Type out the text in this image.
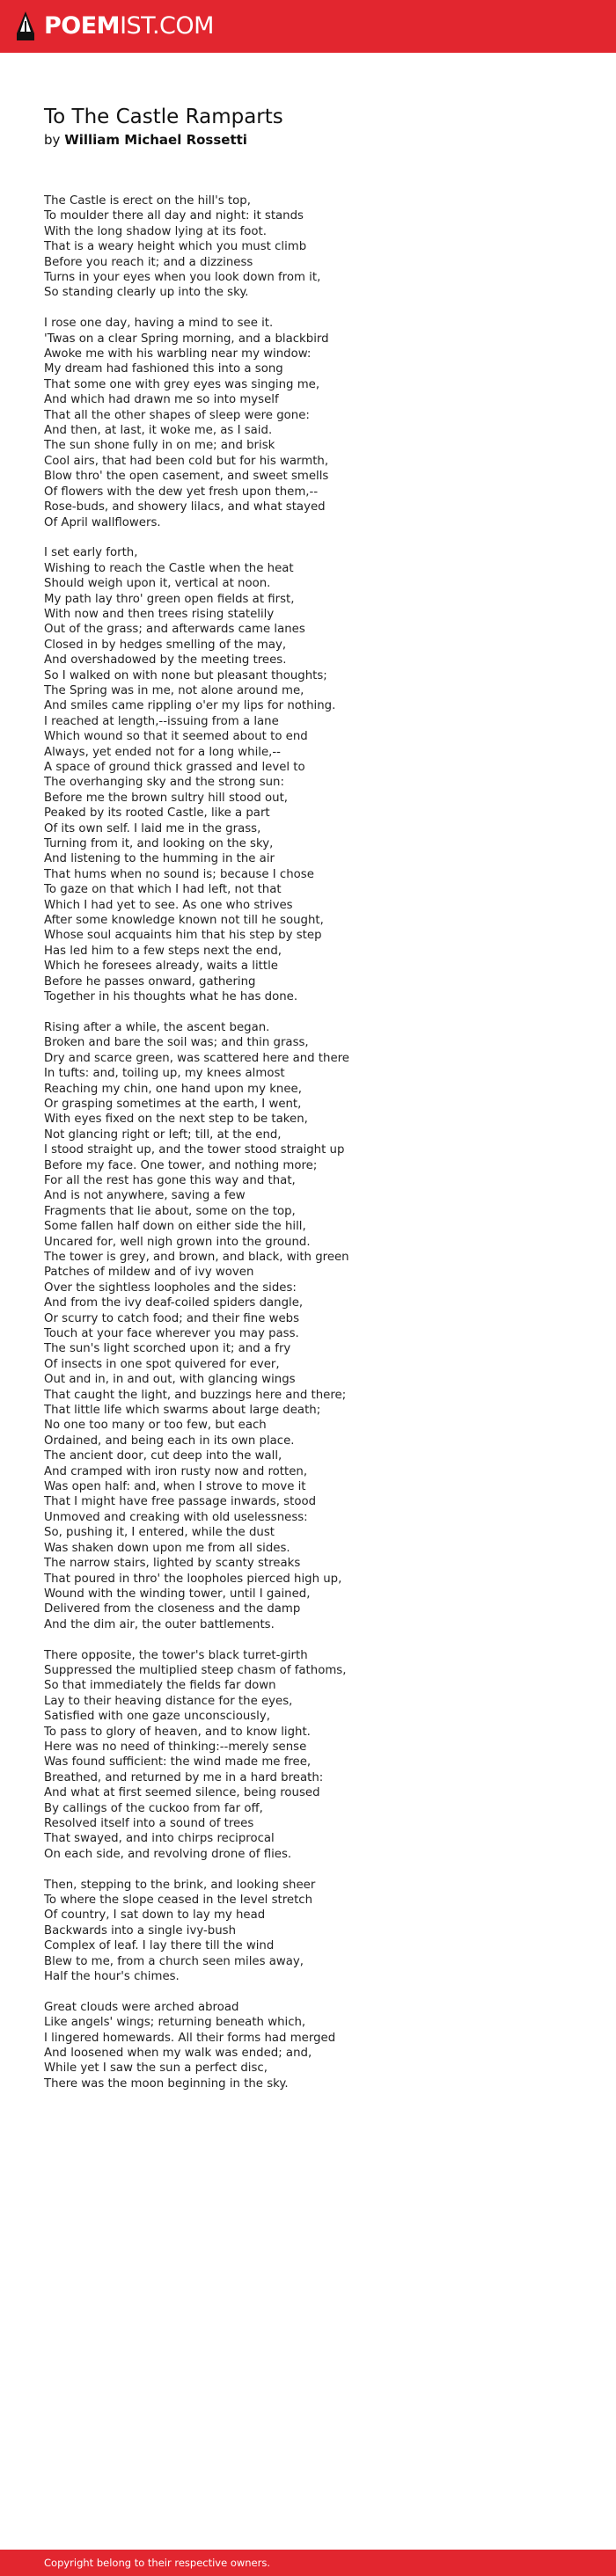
POEMIST.COM
To The Castle Ramparts
by William Michael Rossetti
The Castle is erect on the hill's top,
To moulder there all day and night: it stands
With the long shadow lying at its foot.
That is a weary height which you must climb
Before you reach it; and a dizziness
Turns in your eyes when you look down from it,
So standing clearly up into the sky.
I rose one day, having a mind to see it.
'Twas on a clear Spring morning, and a blackbird
Awoke me with his warbling near my window:
My dream had fashioned this into a song
That some one with grey eyes was singing me,
And which had drawn me so into myself
That all the other shapes of sleep were gone:
And then, at last, it woke me, as I said.
The sun shone fully in on me; and brisk
Cool airs, that had been cold but for his warmth,
Blow thro' the open casement, and sweet smells
Of flowers with the dew yet fresh upon them,--
Rose-buds, and showery lilacs, and what stayed
Of April wallflowers.
I set early forth,
Wishing to reach the Castle when the heat
Should weigh upon it, vertical at noon.
My path lay thro' green open fields at first,
With now and then trees rising statelily
Out of the grass; and afterwards came lanes
Closed in by hedges smelling of the may,
And overshadowed by the meeting trees.
So I walked on with none but pleasant thoughts;
The Spring was in me, not alone around me,
And smiles came rippling o'er my lips for nothing.
I reached at length,--issuing from a lane
Which wound so that it seemed about to end
Always, yet ended not for a long while,--
A space of ground thick grassed and level to
The overhanging sky and the strong sun:
Before me the brown sultry hill stood out,
Peaked by its rooted Castle, like a part
Of its own self. I laid me in the grass,
Turning from it, and looking on the sky,
And listening to the humming in the air
That hums when no sound is; because I chose
To gaze on that which I had left, not that
Which I had yet to see. As one who strives
After some knowledge known not till he sought,
Whose soul acquaints him that his step by step
Has led him to a few steps next the end,
Which he foresees already, waits a little
Before he passes onward, gathering
Together in his thoughts what he has done.
Rising after a while, the ascent began.
Broken and bare the soil was; and thin grass,
Dry and scarce green, was scattered here and there
In tufts: and, toiling up, my knees almost
Reaching my chin, one hand upon my knee,
Or grasping sometimes at the earth, I went,
With eyes fixed on the next step to be taken,
Not glancing right or left; till, at the end,
I stood straight up, and the tower stood straight up
Before my face. One tower, and nothing more;
For all the rest has gone this way and that,
And is not anywhere, saving a few
Fragments that lie about, some on the top,
Some fallen half down on either side the hill,
Uncared for, well nigh grown into the ground.
The tower is grey, and brown, and black, with green
Patches of mildew and of ivy woven
Over the sightless loopholes and the sides:
And from the ivy deaf-coiled spiders dangle,
Or scurry to catch food; and their fine webs
Touch at your face wherever you may pass.
The sun's light scorched upon it; and a fry
Of insects in one spot quivered for ever,
Out and in, in and out, with glancing wings
That caught the light, and buzzings here and there;
That little life which swarms about large death;
No one too many or too few, but each
Ordained, and being each in its own place.
The ancient door, cut deep into the wall,
And cramped with iron rusty now and rotten,
Was open half: and, when I strove to move it
That I might have free passage inwards, stood
Unmoved and creaking with old uselessness:
So, pushing it, I entered, while the dust
Was shaken down upon me from all sides.
The narrow stairs, lighted by scanty streaks
That poured in thro' the loopholes pierced high up,
Wound with the winding tower, until I gained,
Delivered from the closeness and the damp
And the dim air, the outer battlements.
There opposite, the tower's black turret-girth
Suppressed the multiplied steep chasm of fathoms,
So that immediately the fields far down
Lay to their heaving distance for the eyes,
Satisfied with one gaze unconsciously,
To pass to glory of heaven, and to know light.
Here was no need of thinking:--merely sense
Was found sufficient: the wind made me free,
Breathed, and returned by me in a hard breath:
And what at first seemed silence, being roused
By callings of the cuckoo from far off,
Resolved itself into a sound of trees
That swayed, and into chirps reciprocal
On each side, and revolving drone of flies.
Then, stepping to the brink, and looking sheer
To where the slope ceased in the level stretch
Of country, I sat down to lay my head
Backwards into a single ivy-bush
Complex of leaf. I lay there till the wind
Blew to me, from a church seen miles away,
Half the hour's chimes.
Great clouds were arched abroad
Like angels' wings; returning beneath which,
I lingered homewards. All their forms had merged
And loosened when my walk was ended; and,
While yet I saw the sun a perfect disc,
There was the moon beginning in the sky.
Copyright belong to their respective owners.
